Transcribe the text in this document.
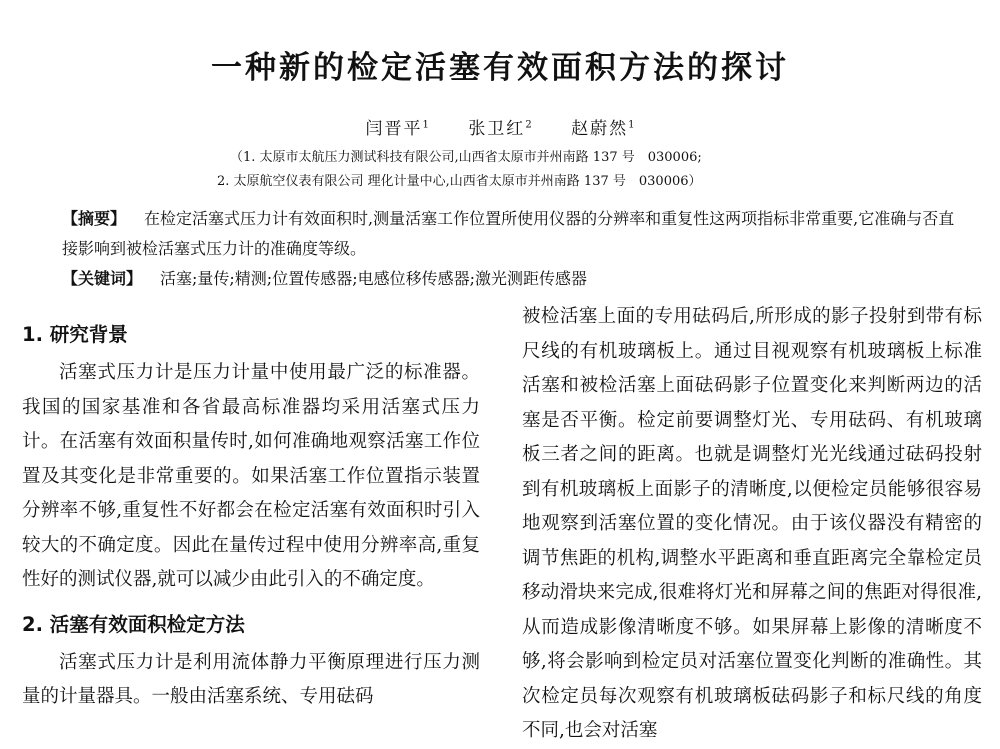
一种新的检定活塞有效面积方法的探讨
闫晋平$^1$ 张卫红$^2$ 赵蔚然$^1$
（1. 太原市太航压力测试科技有限公司,山西省太原市并州南路 137 号　030006;
2. 太原航空仪表有限公司 理化计量中心,山西省太原市并州南路 137 号　030006）

【摘要】 在检定活塞式压力计有效面积时,测量活塞工作位置所使用仪器的分辨率和重复性这两项指标非常重要,它准确与否直接影响到被检活塞式压力计的准确度等级。

【关键词】 活塞;量传;精测;位置传感器;电感位移传感器;激光测距传感器

1. 研究背景

活塞式压力计是压力计量中使用最广泛的标准器。我国的国家基准和各省最高标准器均采用活塞式压力计。在活塞有效面积量传时,如何准确地观察活塞工作位置及其变化是非常重要的。如果活塞工作位置指示装置分辨率不够,重复性不好都会在检定活塞有效面积时引入较大的不确定度。因此在量传过程中使用分辨率高,重复性好的测试仪器,就可以减少由此引入的不确定度。

2. 活塞有效面积检定方法

活塞式压力计是利用流体静力平衡原理进行压力测量的计量器具。一般由活塞系统、专用砝码

被检活塞上面的专用砝码后,所形成的影子投射到带有标尺线的有机玻璃板上。通过目视观察有机玻璃板上标准活塞和被检活塞上面砝码影子位置变化来判断两边的活塞是否平衡。检定前要调整灯光、专用砝码、有机玻璃板三者之间的距离。也就是调整灯光光线通过砝码投射到有机玻璃板上面影子的清晰度,以便检定员能够很容易地观察到活塞位置的变化情况。由于该仪器没有精密的调节焦距的机构,调整水平距离和垂直距离完全靠检定员移动滑块来完成,很难将灯光和屏幕之间的焦距对得很准,从而造成影像清晰度不够。如果屏幕上影像的清晰度不够,将会影响到检定员对活塞位置变化判断的准确性。其次检定员每次观察有机玻璃板砝码影子和标尺线的角度不同,也会对活塞
